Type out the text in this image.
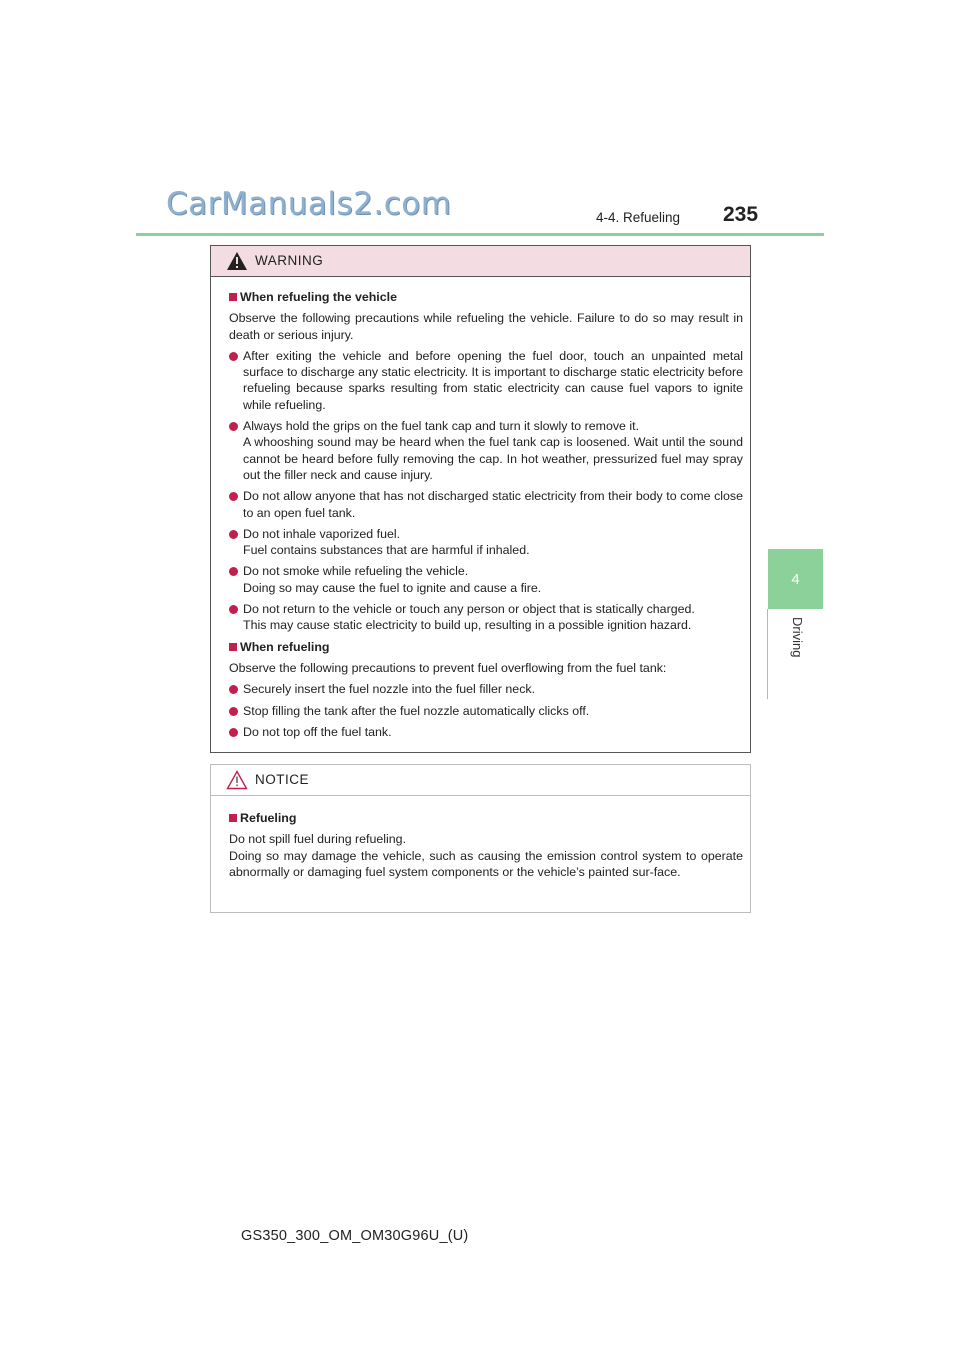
CarManuals2.com	4-4. Refueling 235
4
Driving
WARNING
When refueling the vehicle
Observe the following precautions while refueling the vehicle. Failure to do so may result in death or serious injury.
After exiting the vehicle and before opening the fuel door, touch an unpainted metal surface to discharge any static electricity. It is important to discharge static electricity before refueling because sparks resulting from static electricity can cause fuel vapors to ignite while refueling.
Always hold the grips on the fuel tank cap and turn it slowly to remove it.
A whooshing sound may be heard when the fuel tank cap is loosened. Wait until the sound cannot be heard before fully removing the cap. In hot weather, pressurized fuel may spray out the filler neck and cause injury.
Do not allow anyone that has not discharged static electricity from their body to come close to an open fuel tank.
Do not inhale vaporized fuel.
Fuel contains substances that are harmful if inhaled.
Do not smoke while refueling the vehicle.
Doing so may cause the fuel to ignite and cause a fire.
Do not return to the vehicle or touch any person or object that is statically charged.
This may cause static electricity to build up, resulting in a possible ignition hazard.
When refueling
Observe the following precautions to prevent fuel overflowing from the fuel tank:
Securely insert the fuel nozzle into the fuel filler neck.
Stop filling the tank after the fuel nozzle automatically clicks off.
Do not top off the fuel tank.
NOTICE
Refueling
Do not spill fuel during refueling.
Doing so may damage the vehicle, such as causing the emission control system to operate abnormally or damaging fuel system components or the vehicle’s painted sur-face.
GS350_300_OM_OM30G96U_(U)
